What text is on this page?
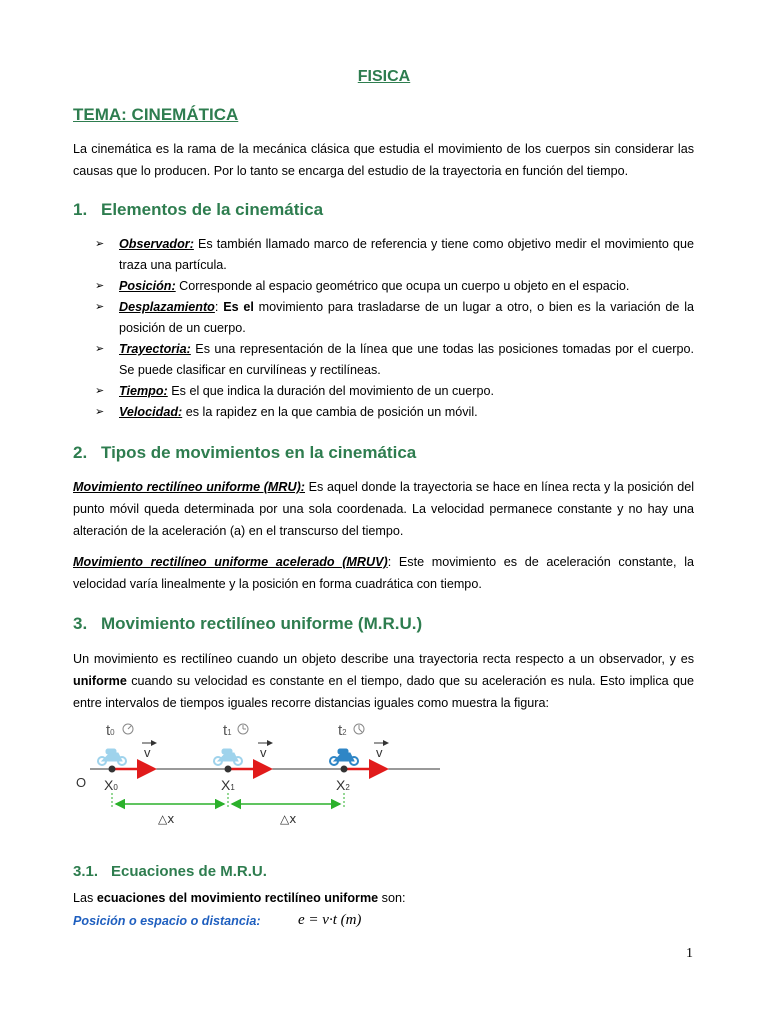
FISICA
TEMA: CINEMÁTICA
La cinemática es la rama de la mecánica clásica que estudia el movimiento de los cuerpos sin considerar las causas que lo producen. Por lo tanto se encarga del estudio de la trayectoria en función del tiempo.
1. Elementos de la cinemática
➢ Observador: Es también llamado marco de referencia y tiene como objetivo medir el movimiento que traza una partícula.
➢ Posición: Corresponde al espacio geométrico que ocupa un cuerpo u objeto en el espacio.
➢ Desplazamiento: Es el movimiento para trasladarse de un lugar a otro, o bien es la variación de la posición de un cuerpo.
➢ Trayectoria: Es una representación de la línea que une todas las posiciones tomadas por el cuerpo. Se puede clasificar en curvilíneas y rectilíneas.
➢ Tiempo: Es el que indica la duración del movimiento de un cuerpo.
➢ Velocidad: es la rapidez en la que cambia de posición un móvil.
2. Tipos de movimientos en la cinemática
Movimiento rectilíneo uniforme (MRU): Es aquel donde la trayectoria se hace en línea recta y la posición del punto móvil queda determinada por una sola coordenada. La velocidad permanece constante y no hay una alteración de la aceleración (a) en el transcurso del tiempo.
Movimiento rectilíneo uniforme acelerado (MRUV): Este movimiento es de aceleración constante, la velocidad varía linealmente y la posición en forma cuadrática con tiempo.
3. Movimiento rectilíneo uniforme (M.R.U.)
Un movimiento es rectilíneo cuando un objeto describe una trayectoria recta respecto a un observador, y es uniforme cuando su velocidad es constante en el tiempo, dado que su aceleración es nula. Esto implica que entre intervalos de tiempos iguales recorre distancias iguales como muestra la figura:
O
t0
v
X0
t1
v
X1
t2
v
X2
△x	△x
3.1. Ecuaciones de M.R.U.
Las ecuaciones del movimiento rectilíneo uniforme son:
Posición o espacio o distancia: e = v·t (m)
1
